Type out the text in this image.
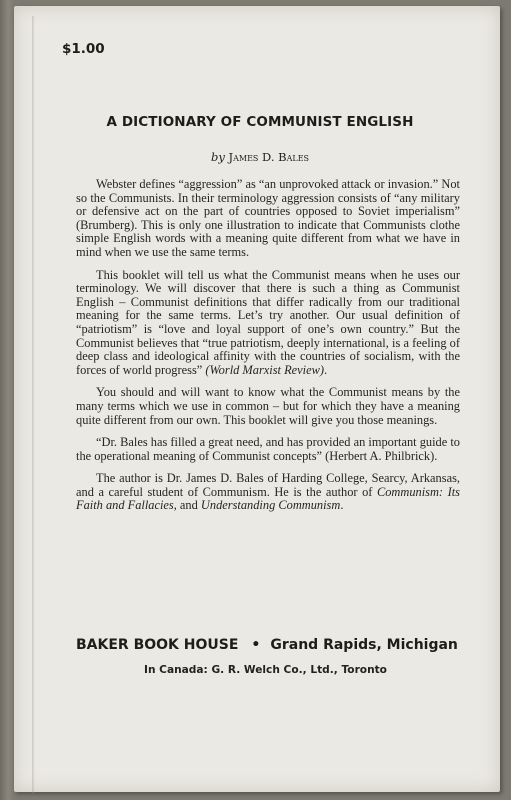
$1.00
A DICTIONARY OF COMMUNIST ENGLISH
by James D. Bales

Webster defines “aggression” as “an unprovoked attack or invasion.” Not so the Communists. In their terminology aggression consists of “any military or defensive act on the part of countries opposed to Soviet imperialism” (Brumberg). This is only one illustration to indicate that Communists clothe simple English words with a meaning quite different from what we have in mind when we use the same terms.

This booklet will tell us what the Communist means when he uses our terminology. We will discover that there is such a thing as Communist English – Communist definitions that differ radically from our traditional meaning for the same terms. Let’s try another. Our usual definition of “patriotism” is “love and loyal support of one’s own country.” But the Communist believes that “true patriotism, deeply international, is a feeling of deep class and ideological affinity with the countries of socialism, with the forces of world progress” (World Marxist Review).

You should and will want to know what the Communist means by the many terms which we use in common – but for which they have a meaning quite different from our own. This booklet will give you those meanings.

“Dr. Bales has filled a great need, and has provided an important guide to the operational meaning of Communist concepts” (Herbert A. Philbrick).

The author is Dr. James D. Bales of Harding College, Searcy, Arkansas, and a careful student of Communism. He is the author of Communism: Its Faith and Fallacies, and Understanding Communism.

BAKER BOOK HOUSE • Grand Rapids, Michigan
In Canada: G. R. Welch Co., Ltd., Toronto
